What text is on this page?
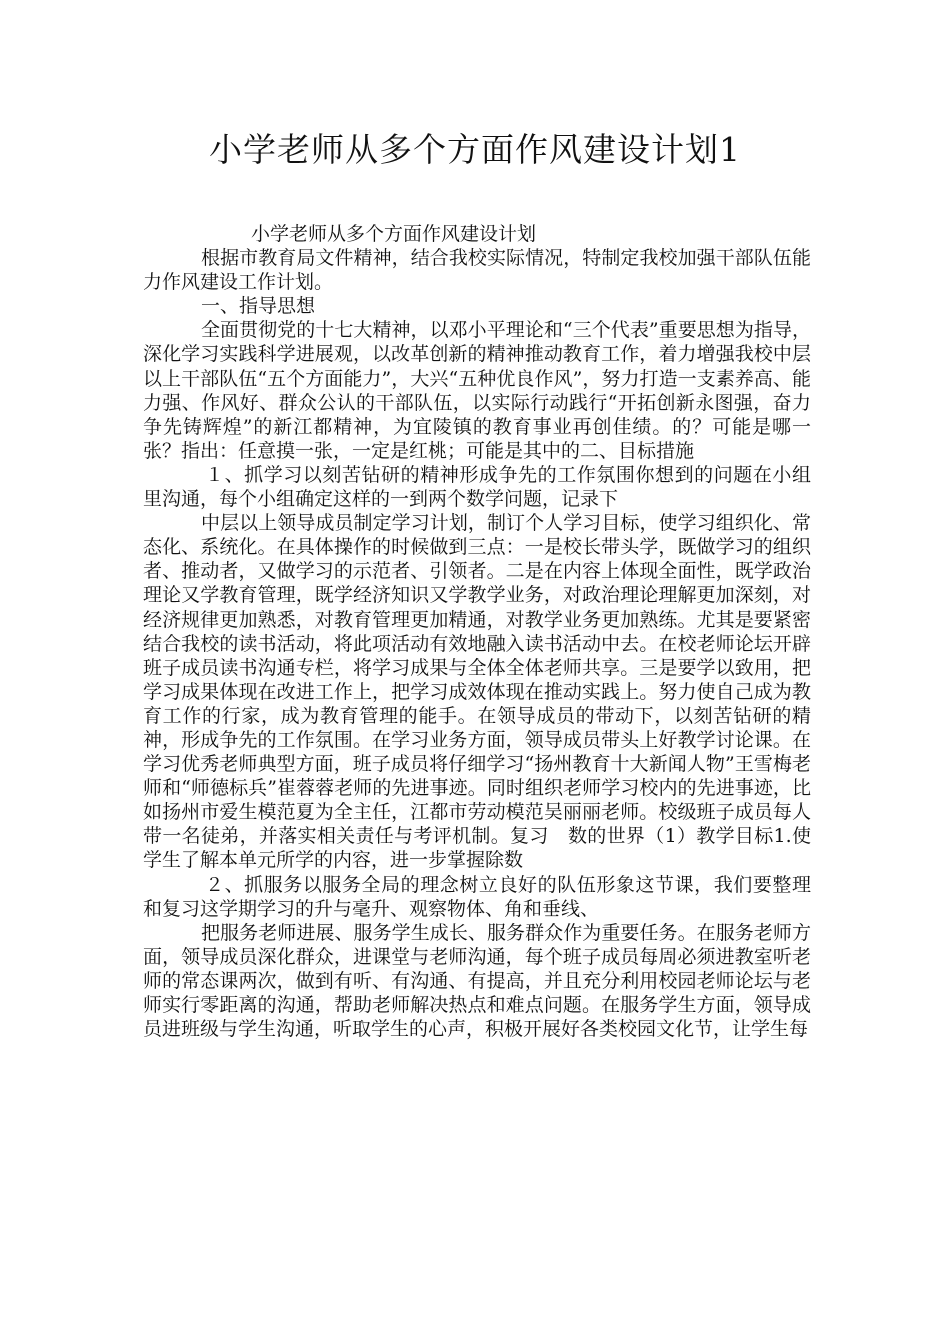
小学老师从多个方面作风建设计划1

小学老师从多个方面作风建设计划

根据市教育局文件精神，结合我校实际情况，特制定我校加强干部队伍能力作风建设工作计划。

一、指导思想

全面贯彻党的十七大精神，以邓小平理论和“三个代表”重要思想为指导，深化学习实践科学进展观，以改革创新的精神推动教育工作，着力增强我校中层以上干部队伍“五个方面能力”，大兴“五种优良作风”，努力打造一支素养高、能力强、作风好、群众公认的干部队伍，以实际行动践行“开拓创新永图强，奋力争先铸辉煌”的新江都精神，为宜陵镇的教育事业再创佳绩。的？可能是哪一张？指出：任意摸一张，一定是红桃；可能是其中的二、目标措施

１、抓学习以刻苦钻研的精神形成争先的工作氛围你想到的问题在小组里沟通，每个小组确定这样的一到两个数学问题，记录下

中层以上领导成员制定学习计划，制订个人学习目标，使学习组织化、常态化、系统化。在具体操作的时候做到三点：一是校长带头学，既做学习的组织者、推动者，又做学习的示范者、引领者。二是在内容上体现全面性，既学政治理论又学教育管理，既学经济知识又学教学业务，对政治理论理解更加深刻，对经济规律更加熟悉，对教育管理更加精通，对教学业务更加熟练。尤其是要紧密结合我校的读书活动，将此项活动有效地融入读书活动中去。在校老师论坛开辟班子成员读书沟通专栏，将学习成果与全体全体老师共享。三是要学以致用，把学习成果体现在改进工作上，把学习成效体现在推动实践上。努力使自己成为教育工作的行家，成为教育管理的能手。在领导成员的带动下，以刻苦钻研的精神，形成争先的工作氛围。在学习业务方面，领导成员带头上好教学讨论课。在学习优秀老师典型方面，班子成员将仔细学习“扬州教育十大新闻人物”王雪梅老师和“师德标兵”崔蓉蓉老师的先进事迹。同时组织老师学习校内的先进事迹，比如扬州市爱生模范夏为全主任，江都市劳动模范吴丽丽老师。校级班子成员每人带一名徒弟，并落实相关责任与考评机制。复习　数的世界（1）教学目标1.使学生了解本单元所学的内容，进一步掌握除数

２、抓服务以服务全局的理念树立良好的队伍形象这节课，我们要整理和复习这学期学习的升与毫升、观察物体、角和垂线、

把服务老师进展、服务学生成长、服务群众作为重要任务。在服务老师方面，领导成员深化群众，进课堂与老师沟通，每个班子成员每周必须进教室听老师的常态课两次，做到有听、有沟通、有提高，并且充分利用校园老师论坛与老师实行零距离的沟通，帮助老师解决热点和难点问题。在服务学生方面，领导成员进班级与学生沟通，听取学生的心声，积极开展好各类校园文化节，让学生每
